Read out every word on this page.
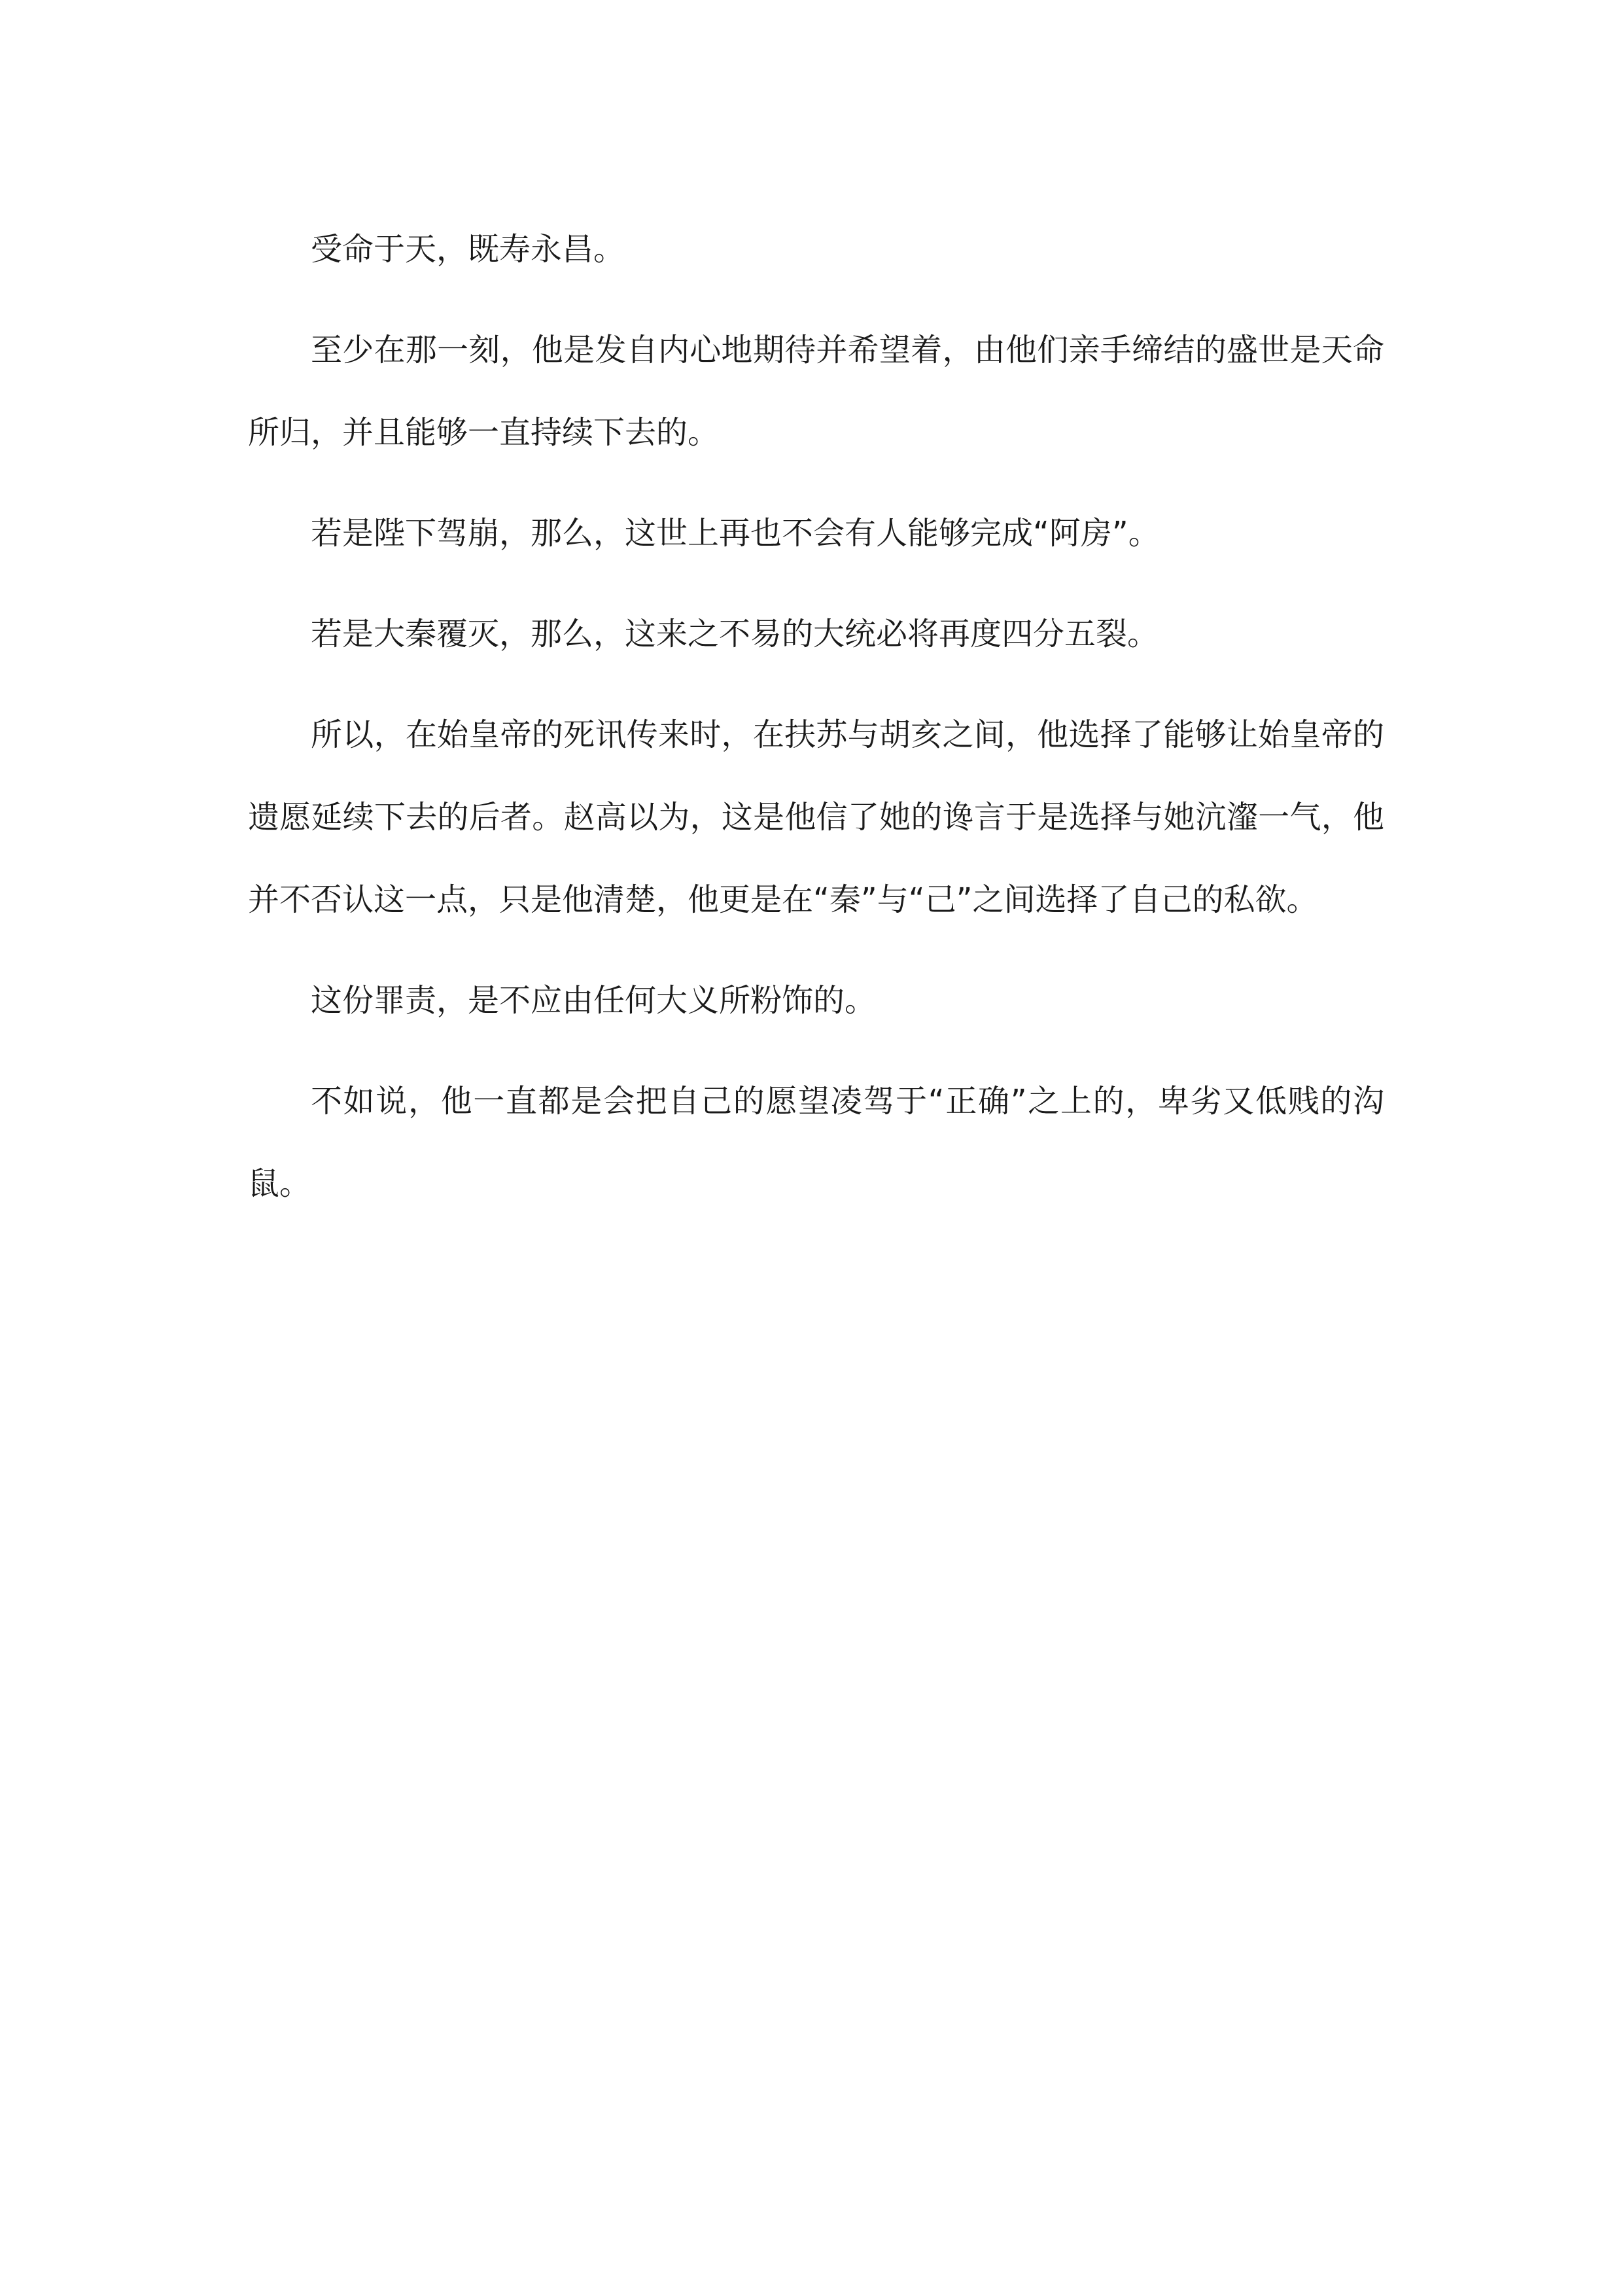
受命于天，既寿永昌。

至少在那一刻，他是发自内心地期待并希望着，由他们亲手缔结的盛世是天命所归，并且能够一直持续下去的。

若是陛下驾崩，那么，这世上再也不会有人能够完成“阿房”。

若是大秦覆灭，那么，这来之不易的大统必将再度四分五裂。

所以，在始皇帝的死讯传来时，在扶苏与胡亥之间，他选择了能够让始皇帝的遗愿延续下去的后者。赵高以为，这是他信了她的谗言于是选择与她沆瀣一气，他并不否认这一点，只是他清楚，他更是在“秦”与“己”之间选择了自己的私欲。

这份罪责，是不应由任何大义所粉饰的。

不如说，他一直都是会把自己的愿望凌驾于“正确”之上的，卑劣又低贱的沟鼠。
